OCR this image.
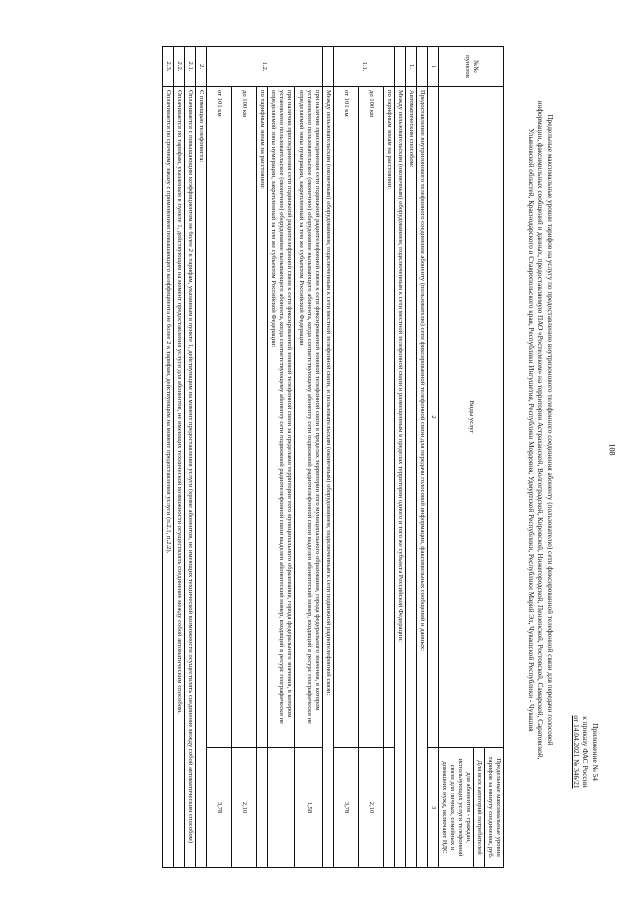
108
Приложение № 54
к приказу ФАС России
от 14.04.2021 № 346/21
Предельные максимальные уровни тарифов на услугу по предоставлению внутризонового телефонного соединения абоненту (пользователю) сети фиксированной телефонной связи для передачи голосовой информации, факсимильных сообщений и данных, предоставляемую ПАО «Ростелеком» на территории Астраханской, Волгоградской, Кировской, Нижегородской, Пензенской, Ростовской, Самарской, Саратовской, Ульяновской областей, Краснодарского и Ставропольского края, Республики Ингушетия, Республики Мордовия, Удмуртской Республики, Республики Марий Эл, Чувашской Республики - Чувашия
№№ пунктов	Виды услуг	Предельные максимальные уровни тарифов за минуту соединения, руб.

		Для всех категорий потребителей
для абонентов - граждан, использующих услуги телефонной связи для личных, семейных и домашних нужд, включают НДС

1	2	3
	Предоставление внутризонового телефонного соединения абоненту (пользователю) сети фиксированной телефонной связи для передачи голосовой информации, факсимильных сообщений и данных:	
1.	Автоматическим способом:	
	Между пользовательским (оконечным) оборудованием, подключенным к сети местной телефонной связи и размещенным в пределах территории одного и того же субъекта Российской Федерации:	
1.1.	по тарифным зонам на расстоянии:	
	до 100 км	2,10
	от 101 км	3,78
	Между пользовательским (оконечным) оборудованием, подключенным к сети местной телефонной связи, и пользовательским (оконечным) оборудованием, подключенным к сети подвижной радиотелефонной связи:	
1.2.	при наличии присоединения сети подвижной радиотелефонной связи к сети фиксированной зоновой телефонной связи в пределах территории того муниципального образования, города федерального значения, в котором установлено пользовательское (оконечное) оборудование вызывающего абонента, когда соответствующему абоненту сети подвижной радиотелефонной связи выделен абонентский номер, входящий в ресурс географически не определяемой зоны нумерации, закрепленный за тем же субъектом Российской Федерации	1,58
	при наличии присоединения сети подвижной радиотелефонной связи к сети фиксированной зоновой телефонной связи за пределами территории того муниципального образования, города федерального значения, в котором установлено пользовательское (оконечное) оборудование вызывающего абонента, когда соответствующему абоненту сети подвижной радиотелефонной связи выделен абонентский номер, входящий в ресурс географически не определяемой зоны нумерации, закрепленный за тем же субъектом Российской Федерации:	
	по тарифным зонам на расстоянии:	
	до 100 км	2,10
	от 101 км	3,78
2.	С помощью телефониста:	
2.1.	Оплачивается с повышающим коэффициентом не более 2 к тарифам, указанным в пункте 1, действующим на момент предоставления услуги (кроме абонентов, не имеющих технической возможности осуществлять соединение между собой автоматическим способом)	
2.2.	Оплачивается по тарифам, указанным в пункте 1, действующим на момент предоставления услуги для абонентов, не имеющих технической возможности осуществлять соединение между собой автоматическим способом.	
2.3.	Оплачивается по срочному заказу с применением повышающего коэффициента не более 2 к тарифам, действующим на момент предоставления услуги (п.2.1, п.2.2).	
